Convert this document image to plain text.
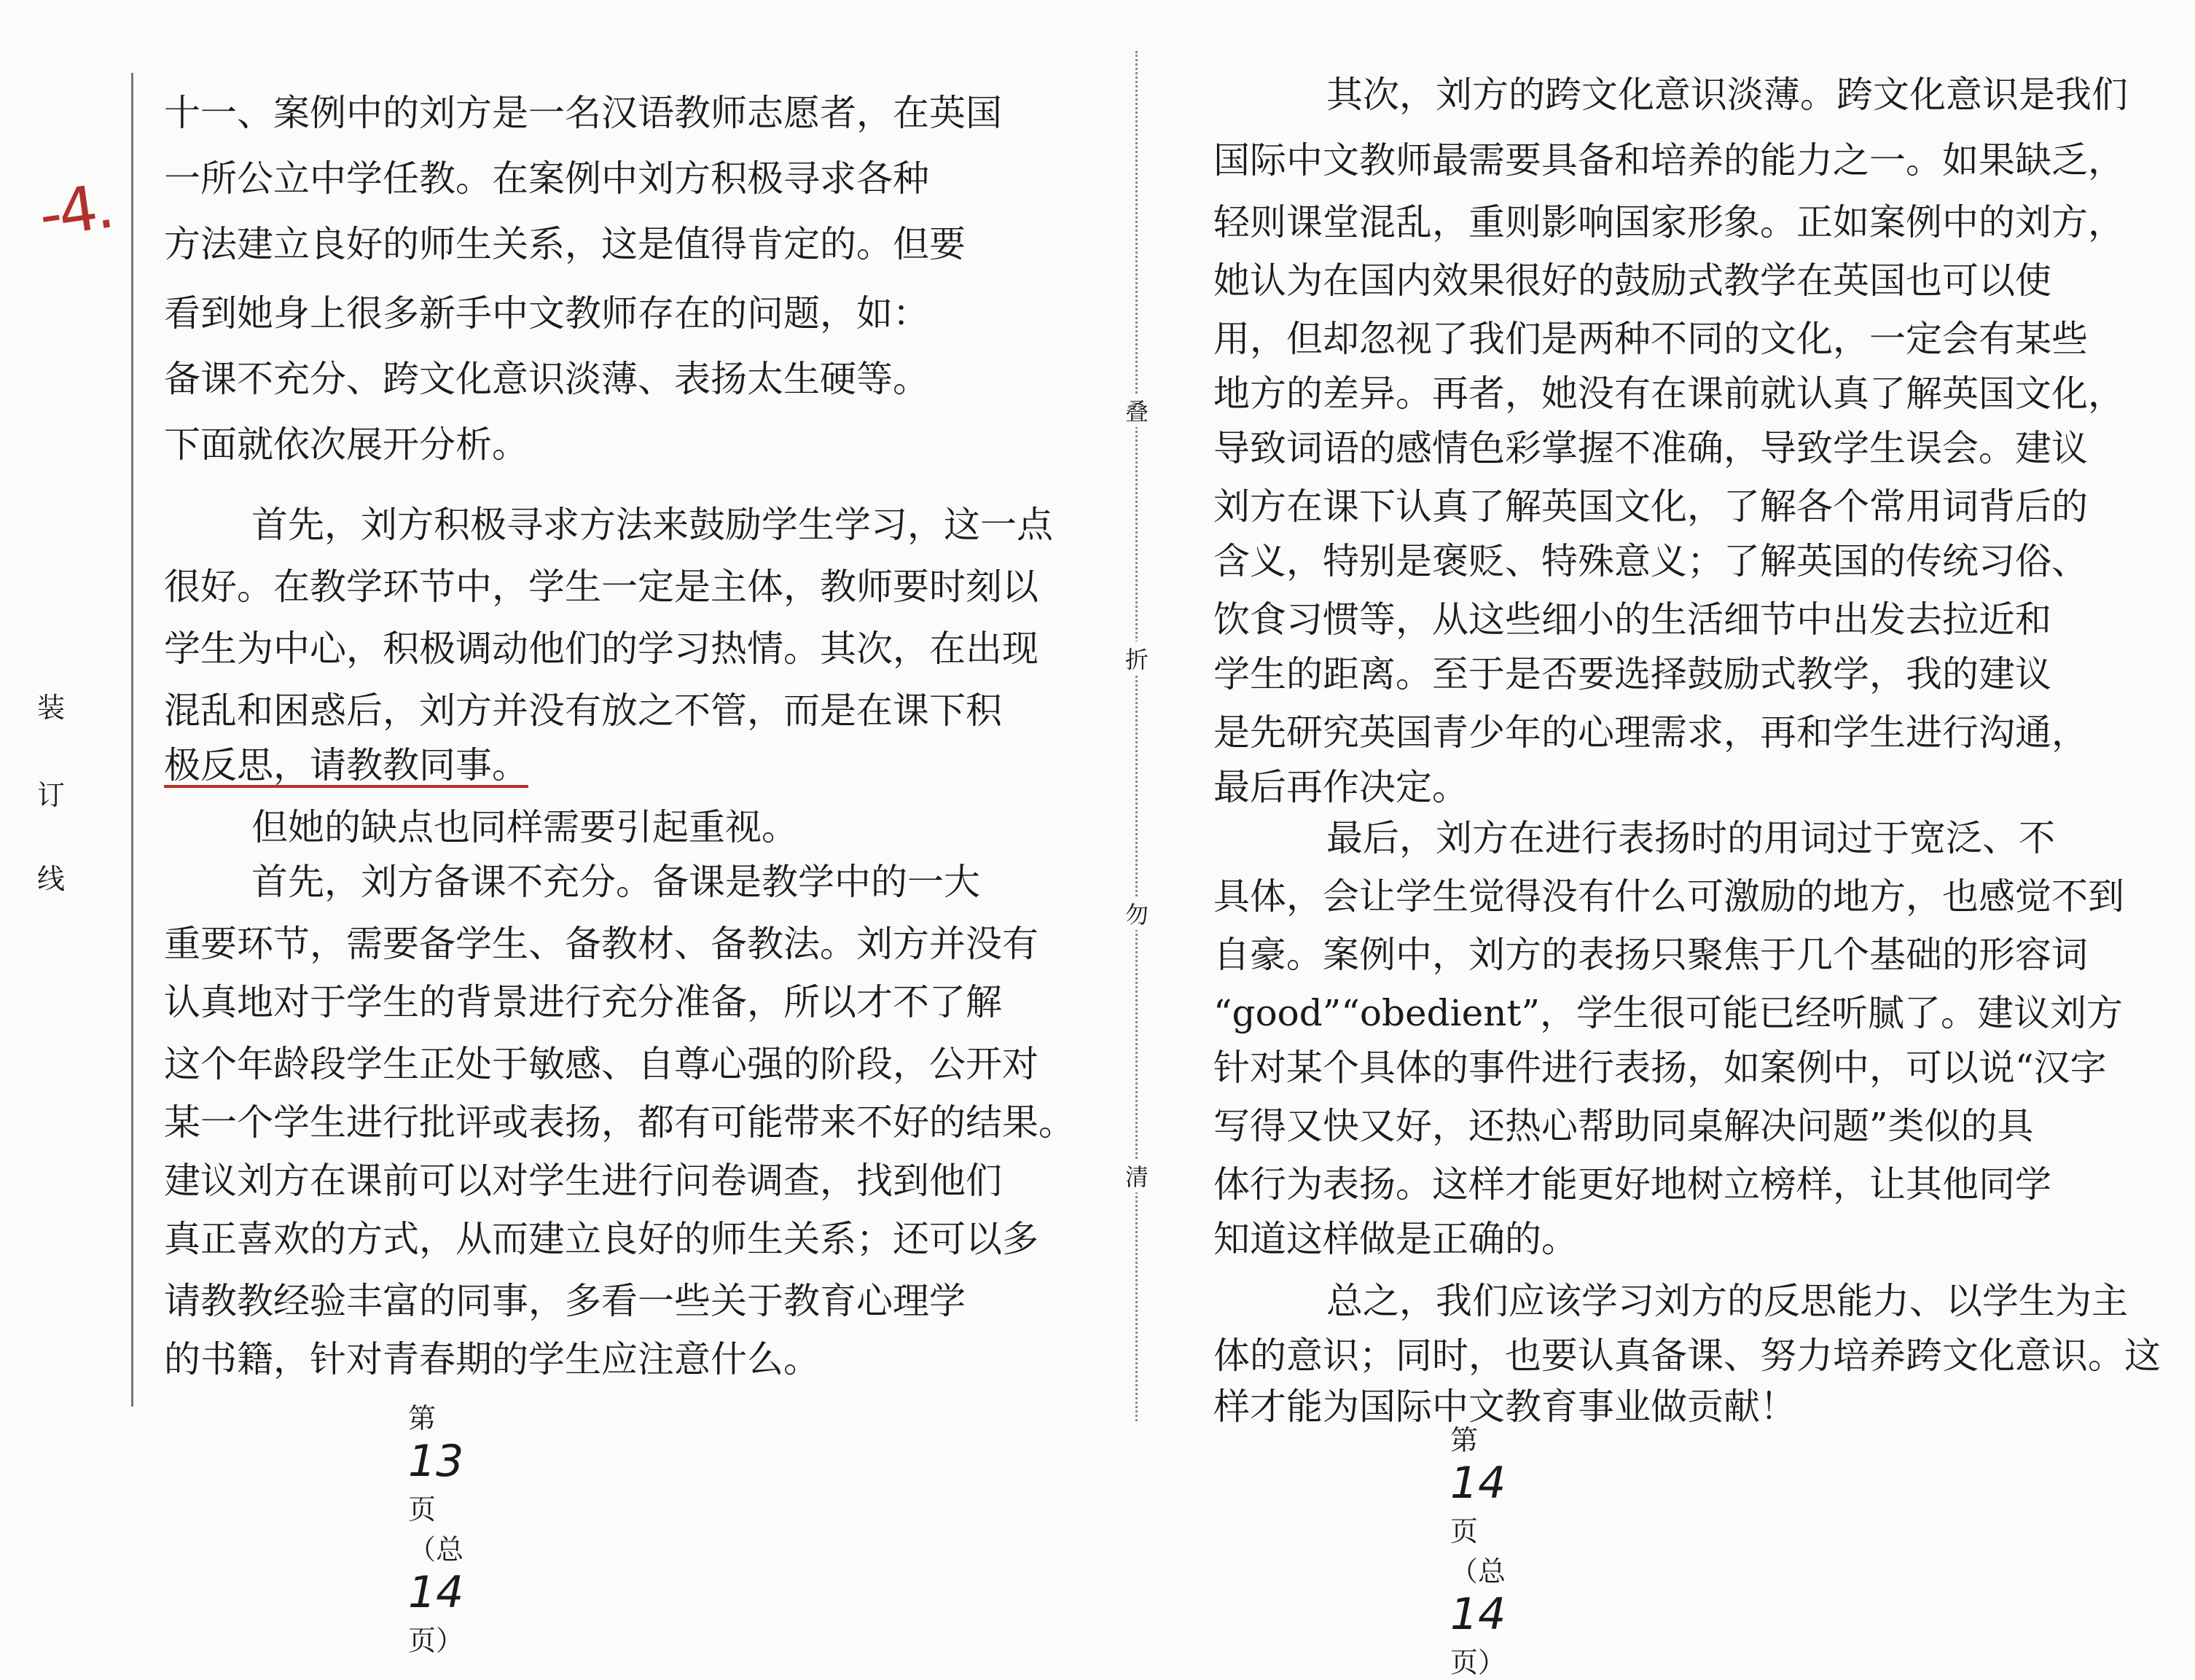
-4.
装
订
线
叠
折
勿
清
十一、案例中的刘方是一名汉语教师志愿者，在英国
一所公立中学任教。在案例中刘方积极寻求各种
方法建立良好的师生关系，这是值得肯定的。但要
看到她身上很多新手中文教师存在的问题，如：
备课不充分、跨文化意识淡薄、表扬太生硬等。
下面就依次展开分析。
首先，刘方积极寻求方法来鼓励学生学习，这一点
很好。在教学环节中，学生一定是主体，教师要时刻以
学生为中心，积极调动他们的学习热情。其次，在出现
混乱和困惑后，刘方并没有放之不管，而是在课下积
极反思，请教教同事。
但她的缺点也同样需要引起重视。
首先，刘方备课不充分。备课是教学中的一大
重要环节，需要备学生、备教材、备教法。刘方并没有
认真地对于学生的背景进行充分准备，所以才不了解
这个年龄段学生正处于敏感、自尊心强的阶段，公开对
某一个学生进行批评或表扬，都有可能带来不好的结果。
建议刘方在课前可以对学生进行问卷调查，找到他们
真正喜欢的方式，从而建立良好的师生关系；还可以多
请教教经验丰富的同事，多看一些关于教育心理学
的书籍，针对青春期的学生应注意什么。
第 13 页（总 14 页）
其次，刘方的跨文化意识淡薄。跨文化意识是我们
国际中文教师最需要具备和培养的能力之一。如果缺乏，
轻则课堂混乱，重则影响国家形象。正如案例中的刘方，
她认为在国内效果很好的鼓励式教学在英国也可以使
用，但却忽视了我们是两种不同的文化，一定会有某些
地方的差异。再者，她没有在课前就认真了解英国文化，
导致词语的感情色彩掌握不准确，导致学生误会。建议
刘方在课下认真了解英国文化，了解各个常用词背后的
含义，特别是褒贬、特殊意义；了解英国的传统习俗、
饮食习惯等，从这些细小的生活细节中出发去拉近和
学生的距离。至于是否要选择鼓励式教学，我的建议
是先研究英国青少年的心理需求，再和学生进行沟通，
最后再作决定。
最后，刘方在进行表扬时的用词过于宽泛、不
具体，会让学生觉得没有什么可激励的地方，也感觉不到
自豪。案例中，刘方的表扬只聚焦于几个基础的形容词
“good”“obedient”，学生很可能已经听腻了。建议刘方
针对某个具体的事件进行表扬，如案例中，可以说“汉字
写得又快又好，还热心帮助同桌解决问题”类似的具
体行为表扬。这样才能更好地树立榜样，让其他同学
知道这样做是正确的。
总之，我们应该学习刘方的反思能力、以学生为主
体的意识；同时，也要认真备课、努力培养跨文化意识。这
样才能为国际中文教育事业做贡献！
第 14 页（总 14 页）
